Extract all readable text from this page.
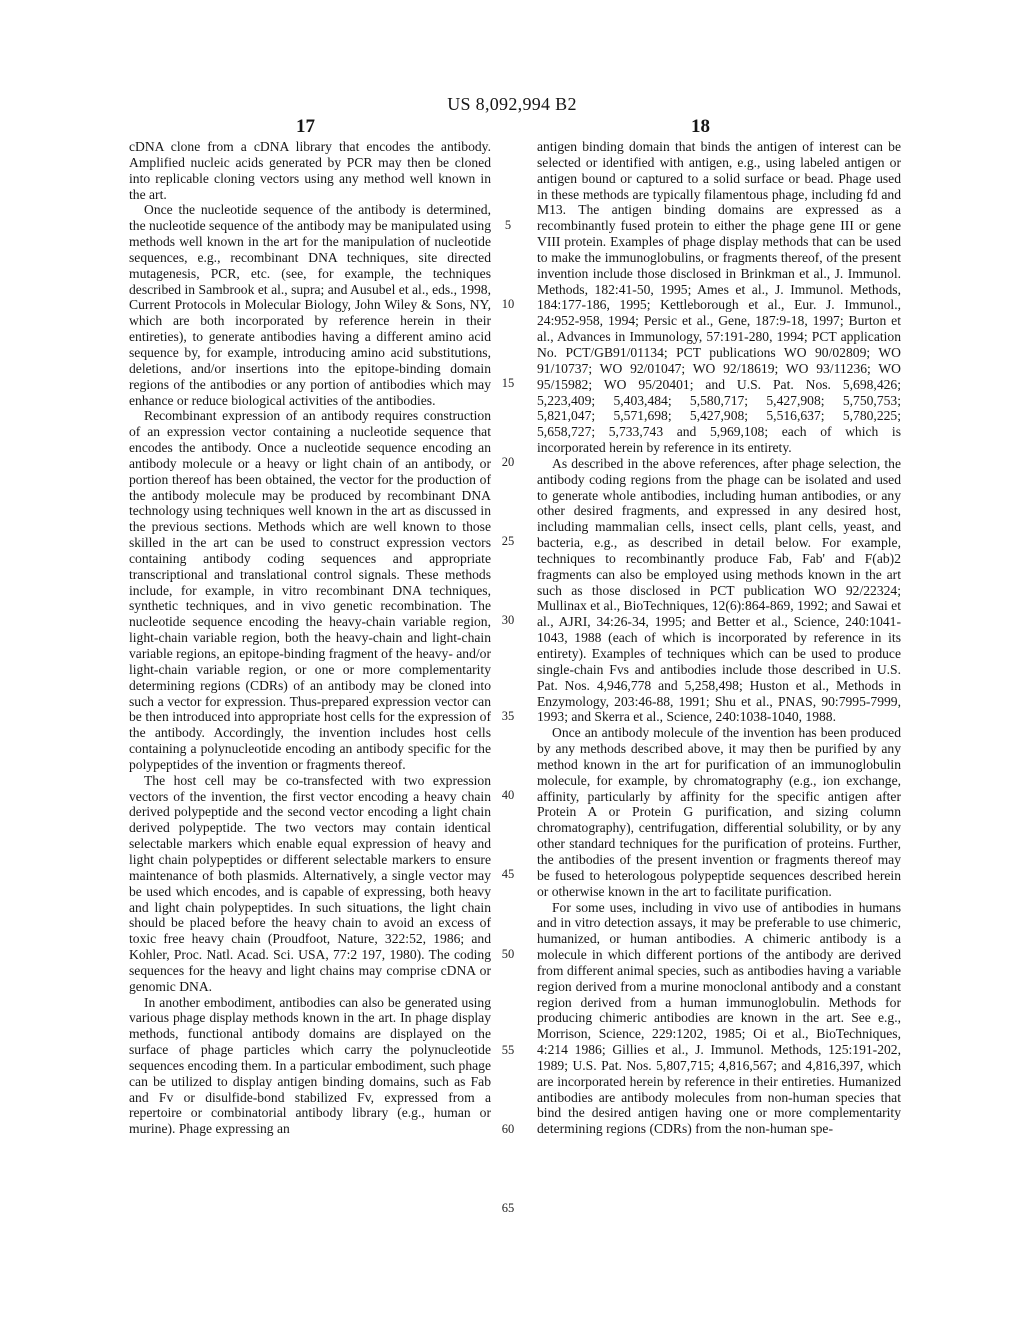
US 8,092,994 B2
17	18

cDNA clone from a cDNA library that encodes the antibody. Amplified nucleic acids generated by PCR may then be cloned into replicable cloning vectors using any method well known in the art.

Once the nucleotide sequence of the antibody is determined, the nucleotide sequence of the antibody may be manipulated using methods well known in the art for the manipulation of nucleotide sequences, e.g., recombinant DNA techniques, site directed mutagenesis, PCR, etc. (see, for example, the techniques described in Sambrook et al., supra; and Ausubel et al., eds., 1998, Current Protocols in Molecular Biology, John Wiley & Sons, NY, which are both incorporated by reference herein in their entireties), to generate antibodies having a different amino acid sequence by, for example, introducing amino acid substitutions, deletions, and/or insertions into the epitope-binding domain regions of the antibodies or any portion of antibodies which may enhance or reduce biological activities of the antibodies.

Recombinant expression of an antibody requires construction of an expression vector containing a nucleotide sequence that encodes the antibody. Once a nucleotide sequence encoding an antibody molecule or a heavy or light chain of an antibody, or portion thereof has been obtained, the vector for the production of the antibody molecule may be produced by recombinant DNA technology using techniques well known in the art as discussed in the previous sections. Methods which are well known to those skilled in the art can be used to construct expression vectors containing antibody coding sequences and appropriate transcriptional and translational control signals. These methods include, for example, in vitro recombinant DNA techniques, synthetic techniques, and in vivo genetic recombination. The nucleotide sequence encoding the heavy-chain variable region, light-chain variable region, both the heavy-chain and light-chain variable regions, an epitope-binding fragment of the heavy- and/or light-chain variable region, or one or more complementarity determining regions (CDRs) of an antibody may be cloned into such a vector for expression. Thus-prepared expression vector can be then introduced into appropriate host cells for the expression of the antibody. Accordingly, the invention includes host cells containing a polynucleotide encoding an antibody specific for the polypeptides of the invention or fragments thereof.

The host cell may be co-transfected with two expression vectors of the invention, the first vector encoding a heavy chain derived polypeptide and the second vector encoding a light chain derived polypeptide. The two vectors may contain identical selectable markers which enable equal expression of heavy and light chain polypeptides or different selectable markers to ensure maintenance of both plasmids. Alternatively, a single vector may be used which encodes, and is capable of expressing, both heavy and light chain polypeptides. In such situations, the light chain should be placed before the heavy chain to avoid an excess of toxic free heavy chain (Proudfoot, Nature, 322:52, 1986; and Kohler, Proc. Natl. Acad. Sci. USA, 77:2 197, 1980). The coding sequences for the heavy and light chains may comprise cDNA or genomic DNA.

In another embodiment, antibodies can also be generated using various phage display methods known in the art. In phage display methods, functional antibody domains are displayed on the surface of phage particles which carry the polynucleotide sequences encoding them. In a particular embodiment, such phage can be utilized to display antigen binding domains, such as Fab and Fv or disulfide-bond stabilized Fv, expressed from a repertoire or combinatorial antibody library (e.g., human or murine). Phage expressing an

5
10
15
20
25
30
35
40
45
50
55
60
65

antigen binding domain that binds the antigen of interest can be selected or identified with antigen, e.g., using labeled antigen or antigen bound or captured to a solid surface or bead. Phage used in these methods are typically filamentous phage, including fd and M13. The antigen binding domains are expressed as a recombinantly fused protein to either the phage gene III or gene VIII protein. Examples of phage display methods that can be used to make the immunoglobulins, or fragments thereof, of the present invention include those disclosed in Brinkman et al., J. Immunol. Methods, 182:41-50, 1995; Ames et al., J. Immunol. Methods, 184:177-186, 1995; Kettleborough et al., Eur. J. Immunol., 24:952-958, 1994; Persic et al., Gene, 187:9-18, 1997; Burton et al., Advances in Immunology, 57:191-280, 1994; PCT application No. PCT/GB91/01134; PCT publications WO 90/02809; WO 91/10737; WO 92/01047; WO 92/18619; WO 93/11236; WO 95/15982; WO 95/20401; and U.S. Pat. Nos. 5,698,426; 5,223,409; 5,403,484; 5,580,717; 5,427,908; 5,750,753; 5,821,047; 5,571,698; 5,427,908; 5,516,637; 5,780,225; 5,658,727; 5,733,743 and 5,969,108; each of which is incorporated herein by reference in its entirety.

As described in the above references, after phage selection, the antibody coding regions from the phage can be isolated and used to generate whole antibodies, including human antibodies, or any other desired fragments, and expressed in any desired host, including mammalian cells, insect cells, plant cells, yeast, and bacteria, e.g., as described in detail below. For example, techniques to recombinantly produce Fab, Fab' and F(ab)2 fragments can also be employed using methods known in the art such as those disclosed in PCT publication WO 92/22324; Mullinax et al., BioTechniques, 12(6):864-869, 1992; and Sawai et al., AJRI, 34:26-34, 1995; and Better et al., Science, 240:1041-1043, 1988 (each of which is incorporated by reference in its entirety). Examples of techniques which can be used to produce single-chain Fvs and antibodies include those described in U.S. Pat. Nos. 4,946,778 and 5,258,498; Huston et al., Methods in Enzymology, 203:46-88, 1991; Shu et al., PNAS, 90:7995-7999, 1993; and Skerra et al., Science, 240:1038-1040, 1988.

Once an antibody molecule of the invention has been produced by any methods described above, it may then be purified by any method known in the art for purification of an immunoglobulin molecule, for example, by chromatography (e.g., ion exchange, affinity, particularly by affinity for the specific antigen after Protein A or Protein G purification, and sizing column chromatography), centrifugation, differential solubility, or by any other standard techniques for the purification of proteins. Further, the antibodies of the present invention or fragments thereof may be fused to heterologous polypeptide sequences described herein or otherwise known in the art to facilitate purification.

For some uses, including in vivo use of antibodies in humans and in vitro detection assays, it may be preferable to use chimeric, humanized, or human antibodies. A chimeric antibody is a molecule in which different portions of the antibody are derived from different animal species, such as antibodies having a variable region derived from a murine monoclonal antibody and a constant region derived from a human immunoglobulin. Methods for producing chimeric antibodies are known in the art. See e.g., Morrison, Science, 229:1202, 1985; Oi et al., BioTechniques, 4:214 1986; Gillies et al., J. Immunol. Methods, 125:191-202, 1989; U.S. Pat. Nos. 5,807,715; 4,816,567; and 4,816,397, which are incorporated herein by reference in their entireties. Humanized antibodies are antibody molecules from non-human species that bind the desired antigen having one or more complementarity determining regions (CDRs) from the non-human spe-
